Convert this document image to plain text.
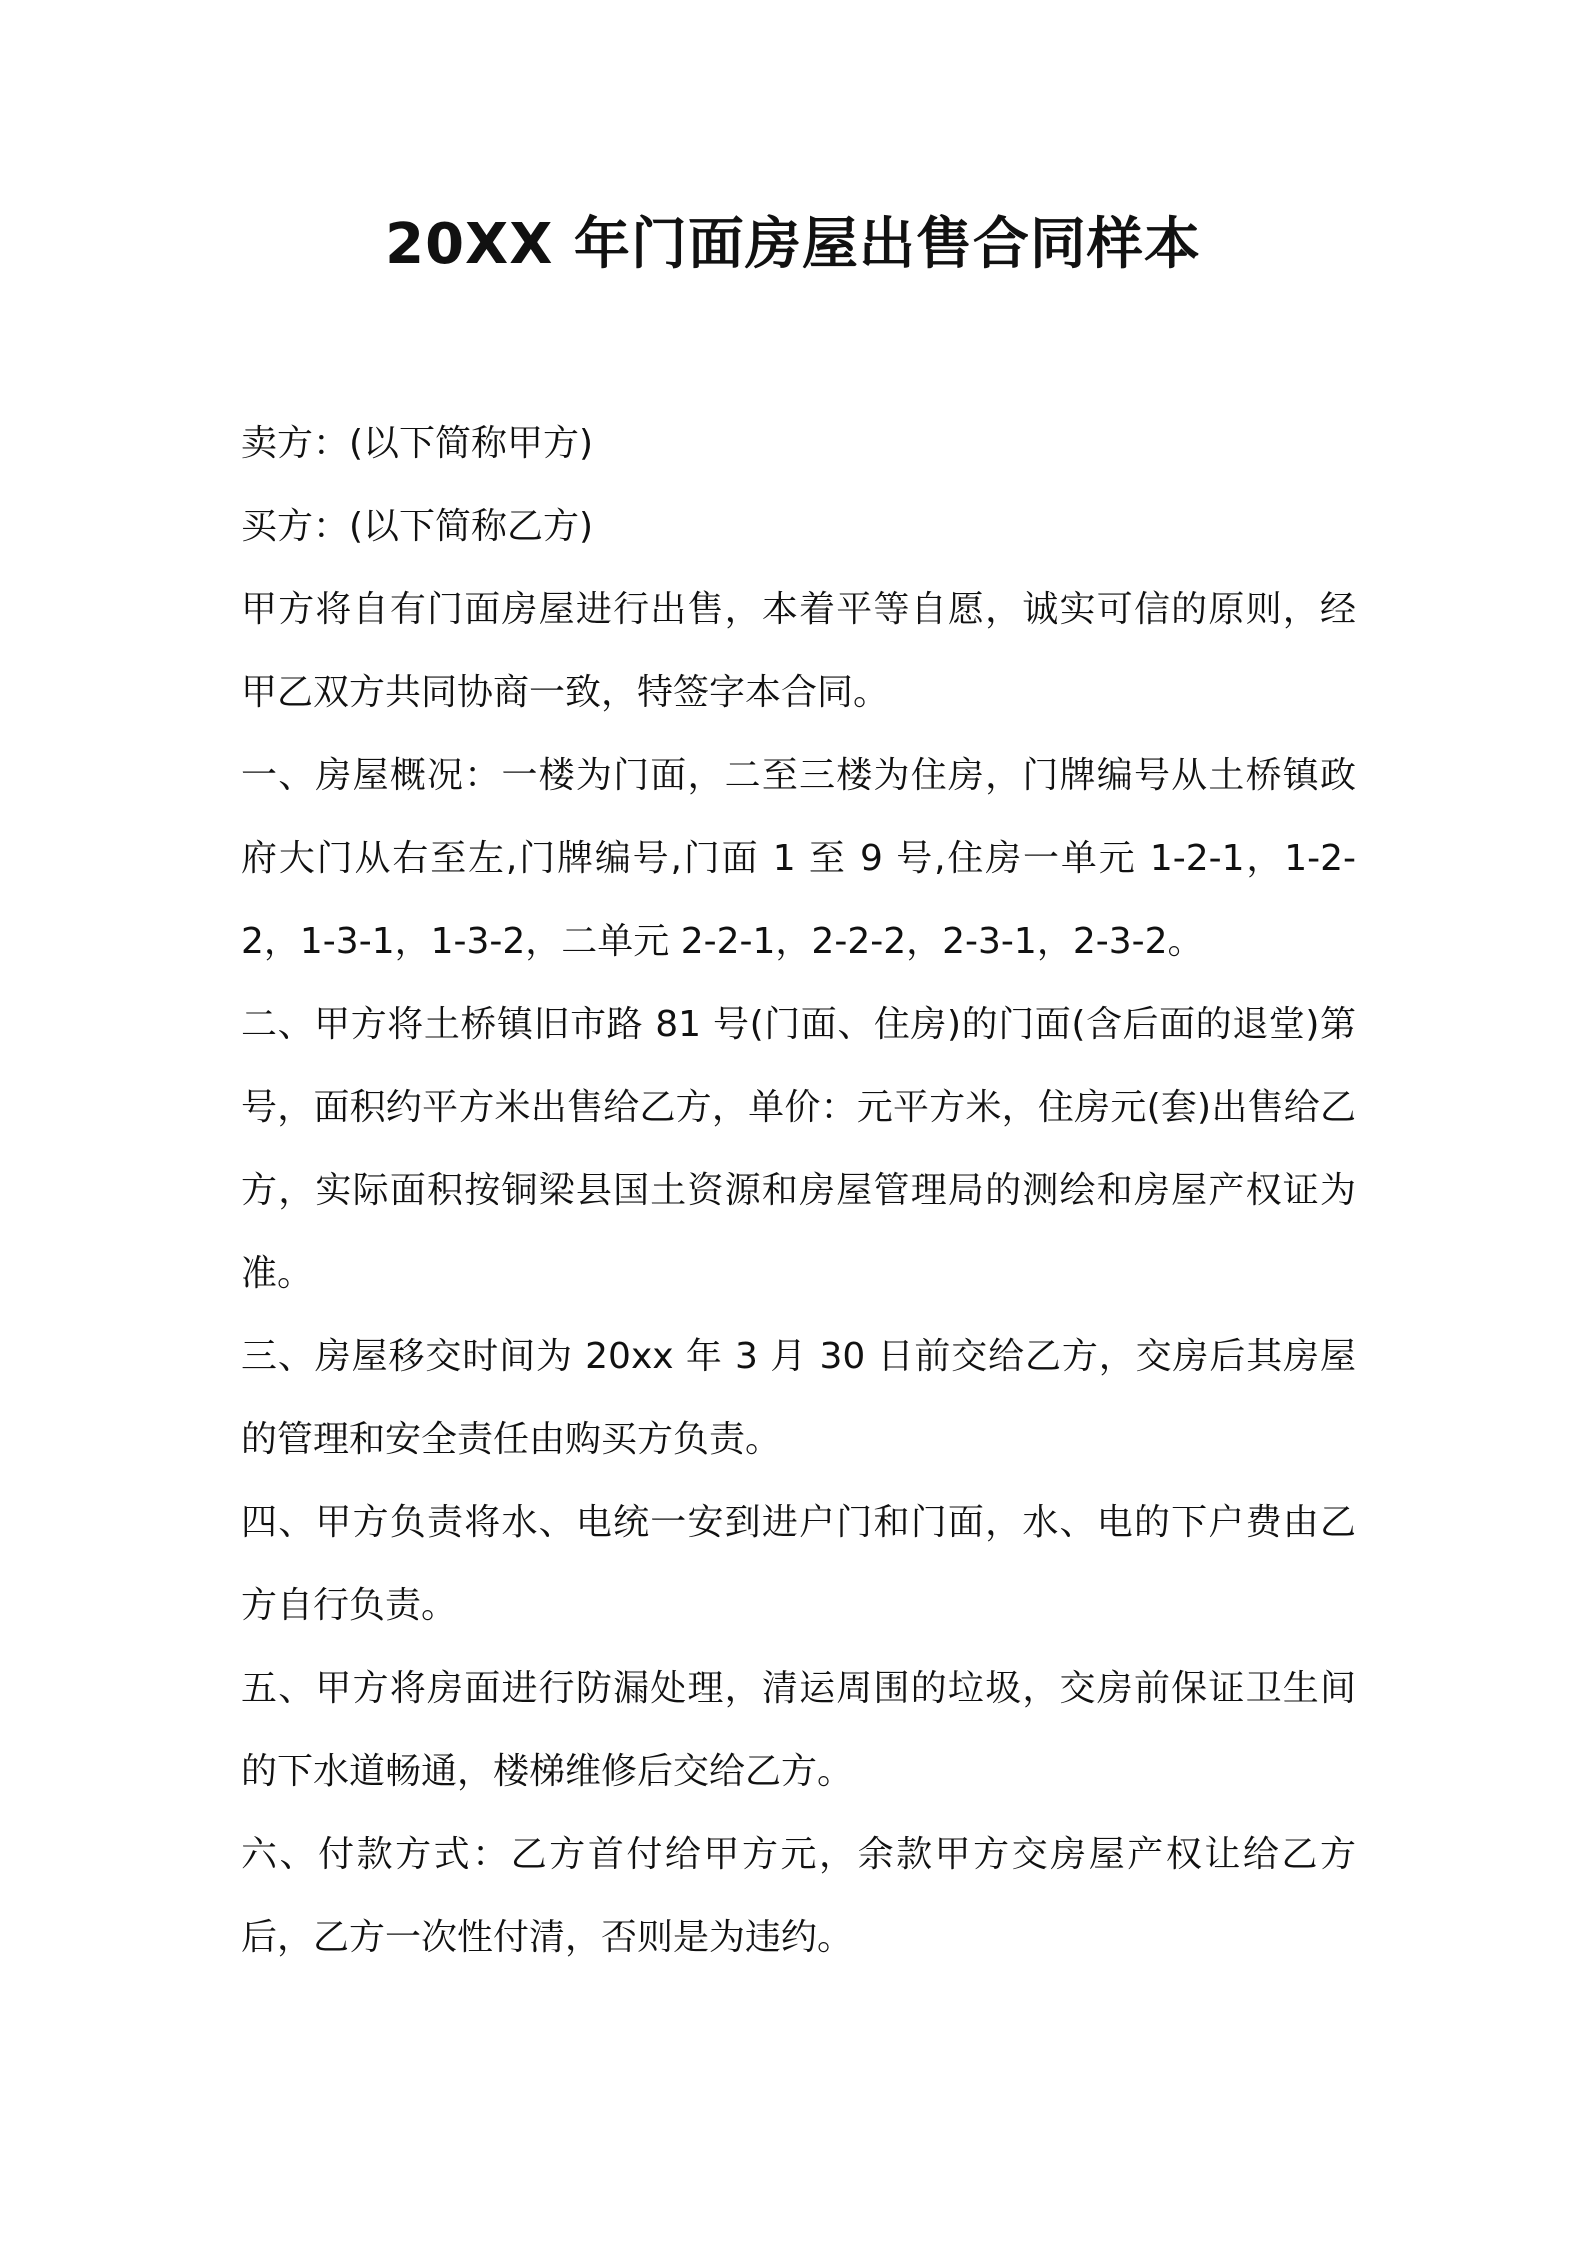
20XX 年门面房屋出售合同样本

卖方：(以下简称甲方)

买方：(以下简称乙方)

甲方将自有门面房屋进行出售，本着平等自愿，诚实可信的原则，经甲乙双方共同协商一致，特签字本合同。

一、房屋概况：一楼为门面，二至三楼为住房，门牌编号从土桥镇政府大门从右至左,门牌编号,门面 1 至 9 号,住房一单元 1-2-1，1-2-2，1-3-1，1-3-2，二单元 2-2-1，2-2-2，2-3-1，2-3-2。

二、甲方将土桥镇旧市路 81 号(门面、住房)的门面(含后面的退堂)第号，面积约平方米出售给乙方，单价：元平方米，住房元(套)出售给乙方，实际面积按铜梁县国土资源和房屋管理局的测绘和房屋产权证为准。

三、房屋移交时间为 20xx 年 3 月 30 日前交给乙方，交房后其房屋的管理和安全责任由购买方负责。

四、甲方负责将水、电统一安到进户门和门面，水、电的下户费由乙方自行负责。

五、甲方将房面进行防漏处理，清运周围的垃圾，交房前保证卫生间的下水道畅通，楼梯维修后交给乙方。

六、付款方式：乙方首付给甲方元，余款甲方交房屋产权让给乙方后，乙方一次性付清，否则是为违约。
